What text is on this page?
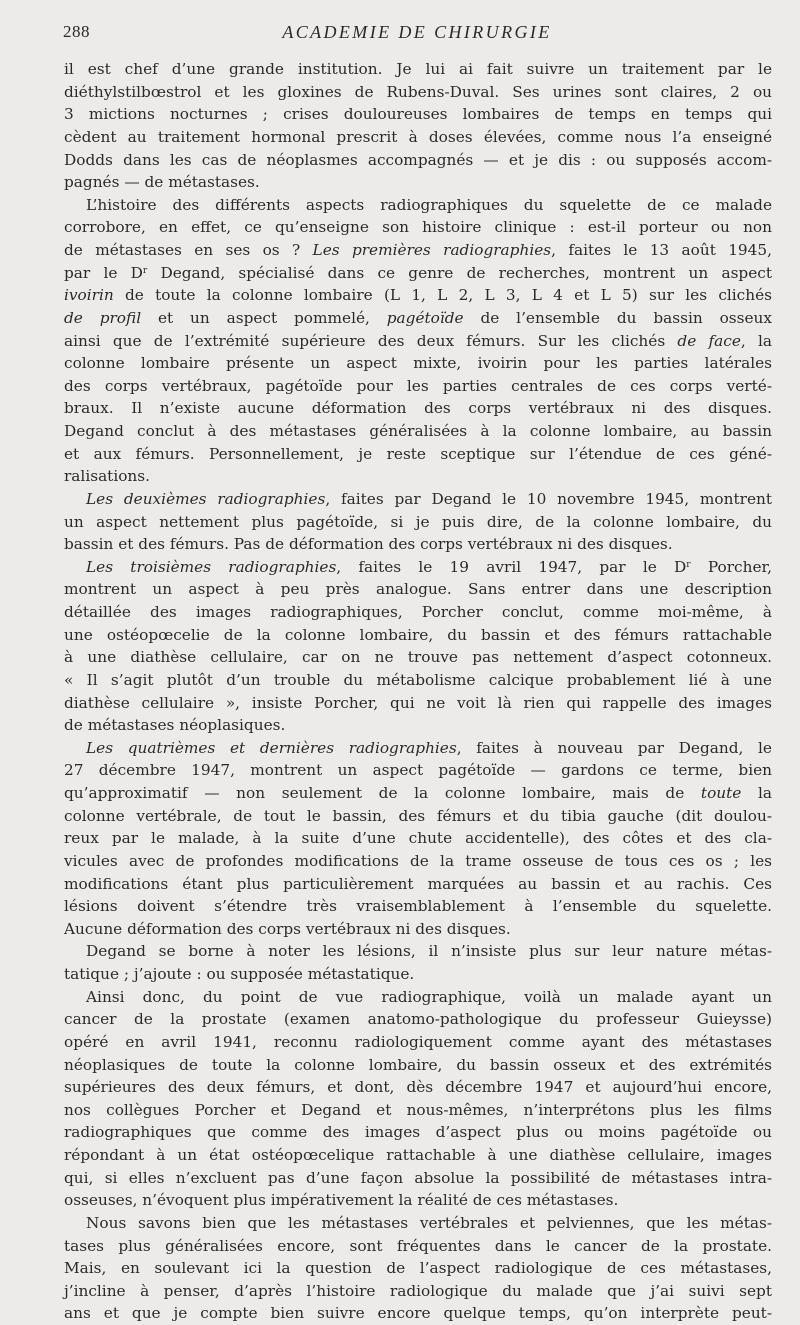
288	ACADEMIE DE CHIRURGIE
il est chef d’une grande institution. Je lui ai fait suivre un traitement par le
diéthylstilbœstrol et les gloxines de Rubens-Duval. Ses urines sont claires, 2 ou
3 mictions nocturnes ; crises douloureuses lombaires de temps en temps qui
cèdent au traitement hormonal prescrit à doses élevées, comme nous l’a enseigné
Dodds dans les cas de néoplasmes accompagnés — et je dis : ou supposés accom-
pagnés — de métastases.
L’histoire des différents aspects radiographiques du squelette de ce malade
corrobore, en effet, ce qu’enseigne son histoire clinique : est-il porteur ou non
de métastases en ses os ? Les premières radiographies, faites le 13 août 1945,
par le $D^r$ Degand, spécialisé dans ce genre de recherches, montrent un aspect
ivoirin de toute la colonne lombaire (L 1, L 2, L 3, L 4 et L 5) sur les clichés
de profil et un aspect pommelé, pagétoïde de l’ensemble du bassin osseux
ainsi que de l’extrémité supérieure des deux fémurs. Sur les clichés de face, la
colonne lombaire présente un aspect mixte, ivoirin pour les parties latérales
des corps vertébraux, pagétoïde pour les parties centrales de ces corps verté-
braux. Il n’existe aucune déformation des corps vertébraux ni des disques.
Degand conclut à des métastases généralisées à la colonne lombaire, au bassin
et aux fémurs. Personnellement, je reste sceptique sur l’étendue de ces géné-
ralisations.
Les deuxièmes radiographies, faites par Degand le 10 novembre 1945, montrent
un aspect nettement plus pagétoïde, si je puis dire, de la colonne lombaire, du
bassin et des fémurs. Pas de déformation des corps vertébraux ni des disques.
Les troisièmes radiographies, faites le 19 avril 1947, par le $D^r$ Porcher,
montrent un aspect à peu près analogue. Sans entrer dans une description
détaillée des images radiographiques, Porcher conclut, comme moi-même, à
une ostéopœcelie de la colonne lombaire, du bassin et des fémurs rattachable
à une diathèse cellulaire, car on ne trouve pas nettement d’aspect cotonneux.
« Il s’agit plutôt d’un trouble du métabolisme calcique probablement lié à une
diathèse cellulaire », insiste Porcher, qui ne voit là rien qui rappelle des images
de métastases néoplasiques.
Les quatrièmes et dernières radiographies, faites à nouveau par Degand, le
27 décembre 1947, montrent un aspect pagétoïde — gardons ce terme, bien
qu’approximatif — non seulement de la colonne lombaire, mais de toute la
colonne vertébrale, de tout le bassin, des fémurs et du tibia gauche (dit doulou-
reux par le malade, à la suite d’une chute accidentelle), des côtes et des cla-
vicules avec de profondes modifications de la trame osseuse de tous ces os ; les
modifications étant plus particulièrement marquées au bassin et au rachis. Ces
lésions doivent s’étendre très vraisemblablement à l’ensemble du squelette.
Aucune déformation des corps vertébraux ni des disques.
Degand se borne à noter les lésions, il n’insiste plus sur leur nature métas-
tatique ; j’ajoute : ou supposée métastatique.
Ainsi donc, du point de vue radiographique, voilà un malade ayant un
cancer de la prostate (examen anatomo-pathologique du professeur Guieysse)
opéré en avril 1941, reconnu radiologiquement comme ayant des métastases
néoplasiques de toute la colonne lombaire, du bassin osseux et des extrémités
supérieures des deux fémurs, et dont, dès décembre 1947 et aujourd’hui encore,
nos collègues Porcher et Degand et nous-mêmes, n’interprétons plus les films
radiographiques que comme des images d’aspect plus ou moins pagétoïde ou
répondant à un état ostéopœcelique rattachable à une diathèse cellulaire, images
qui, si elles n’excluent pas d’une façon absolue la possibilité de métastases intra-
osseuses, n’évoquent plus impérativement la réalité de ces métastases.
Nous savons bien que les métastases vertébrales et pelviennes, que les métas-
tases plus généralisées encore, sont fréquentes dans le cancer de la prostate.
Mais, en soulevant ici la question de l’aspect radiologique de ces métastases,
j’incline à penser, d’après l’histoire radiologique du malade que j’ai suivi sept
ans et que je compte bien suivre encore quelque temps, qu’on interprète peut-
